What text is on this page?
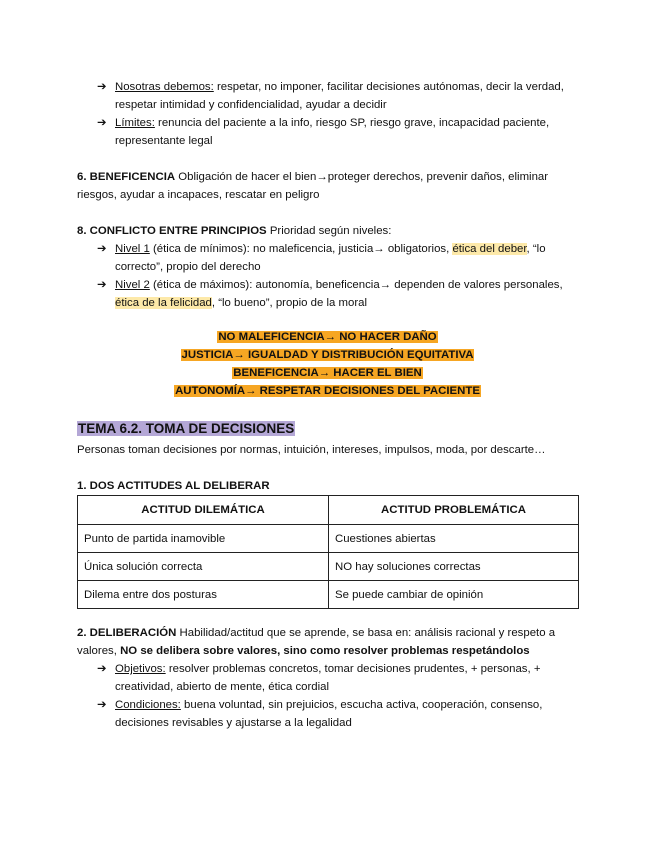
➔ Nosotras debemos: respetar, no imponer, facilitar decisiones autónomas, decir la verdad, respetar intimidad y confidencialidad, ayudar a decidir
➔ Límites: renuncia del paciente a la info, riesgo SP, riesgo grave, incapacidad paciente, representante legal
6. BENEFICENCIA Obligación de hacer el bien→proteger derechos, prevenir daños, eliminar riesgos, ayudar a incapaces, rescatar en peligro
8. CONFLICTO ENTRE PRINCIPIOS Prioridad según niveles:
➔ Nivel 1 (ética de mínimos): no maleficencia, justicia→ obligatorios, ética del deber, “lo correcto”, propio del derecho
➔ Nivel 2 (ética de máximos): autonomía, beneficencia→ dependen de valores personales, ética de la felicidad, “lo bueno”, propio de la moral
NO MALEFICENCIA→ NO HACER DAÑO
JUSTICIA→ IGUALDAD Y DISTRIBUCIÓN EQUITATIVA
BENEFICENCIA→ HACER EL BIEN
AUTONOMÍA→ RESPETAR DECISIONES DEL PACIENTE
TEMA 6.2. TOMA DE DECISIONES
Personas toman decisiones por normas, intuición, intereses, impulsos, moda, por descarte…
1. DOS ACTITUDES AL DELIBERAR
ACTITUD DILEMÁTICA	ACTITUD PROBLEMÁTICA
Punto de partida inamovible	Cuestiones abiertas
Única solución correcta	NO hay soluciones correctas
Dilema entre dos posturas	Se puede cambiar de opinión
2. DELIBERACIÓN Habilidad/actitud que se aprende, se basa en: análisis racional y respeto a valores, NO se delibera sobre valores, sino como resolver problemas respetándolos
➔ Objetivos: resolver problemas concretos, tomar decisiones prudentes, + personas, + creatividad, abierto de mente, ética cordial
➔ Condiciones: buena voluntad, sin prejuicios, escucha activa, cooperación, consenso, decisiones revisables y ajustarse a la legalidad
